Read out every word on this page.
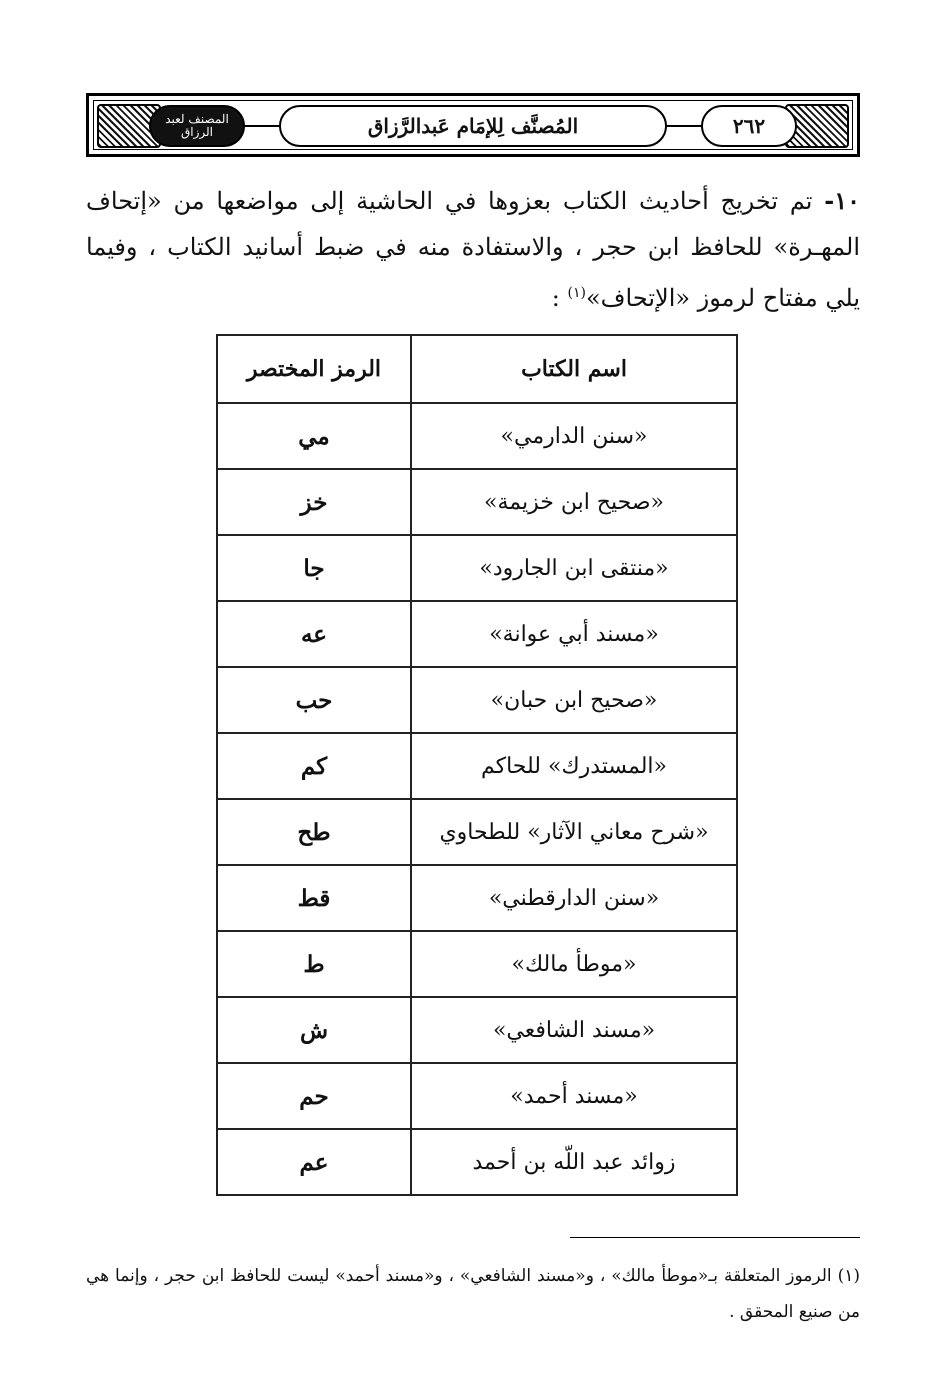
المصنف لعبد الرزاق	المُصنَّف لِلإمَام عَبدالرَّزاق	٢٦٢
١٠- تم تخريج أحاديث الكتاب بعزوها في الحاشية إلى مواضعها من «إتحاف المهـرة» للحافظ ابن حجر ، والاستفادة منه في ضبط أسانيد الكتاب ، وفيما يلي مفتاح لرموز «الإتحاف»$^{(١)}$ :
اسم الكتاب	الرمز المختصر
«سنن الدارمي»	مي
«صحيح ابن خزيمة»	خز
«منتقى ابن الجارود»	جا
«مسند أبي عوانة»	عه
«صحيح ابن حبان»	حب
«المستدرك» للحاكم	كم
«شرح معاني الآثار» للطحاوي	طح
«سنن الدارقطني»	قط
«موطأ مالك»	ط
«مسند الشافعي»	ش
«مسند أحمد»	حم
زوائد عبد اللّه بن أحمد	عم
(١) الرموز المتعلقة بـ«موطأ مالك» ، و«مسند الشافعي» ، و«مسند أحمد» ليست للحافظ ابن حجر ، وإنما هي من صنيع المحقق .
